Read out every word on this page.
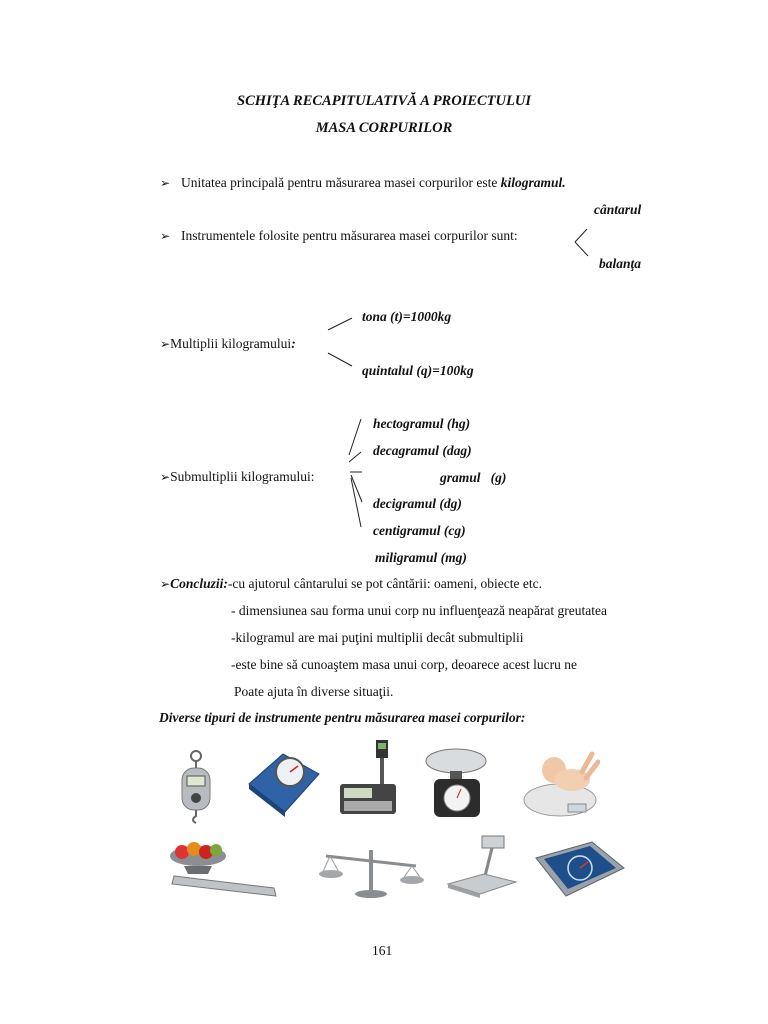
SCHIŢA RECAPITULATIVĂ A PROIECTULUI
MASA CORPURILOR
➢ Unitatea principală pentru măsurarea masei corpurilor este kilogramul.
cântarul
➢ Instrumentele folosite pentru măsurarea masei corpurilor sunt:
balanţa
tona (t)=1000kg
➢Multiplii kilogramului:
quintalul (q)=100kg
hectogramul (hg)
decagramul (dag)
➢Submultiplii kilogramului:	gramul   (g)
decigramul (dg)
centigramul (cg)
miligramul (mg)
➢Concluzii:-cu ajutorul cântarului se pot cântării: oameni, obiecte etc.
- dimensiunea sau forma unui corp nu influenţează neapărat greutatea
-kilogramul are mai puţini multiplii decât submultiplii
-este bine să cunoaştem masa unui corp, deoarece acest lucru ne
Poate ajuta în diverse situaţii.
Diverse tipuri de instrumente pentru măsurarea masei corpurilor:
161
